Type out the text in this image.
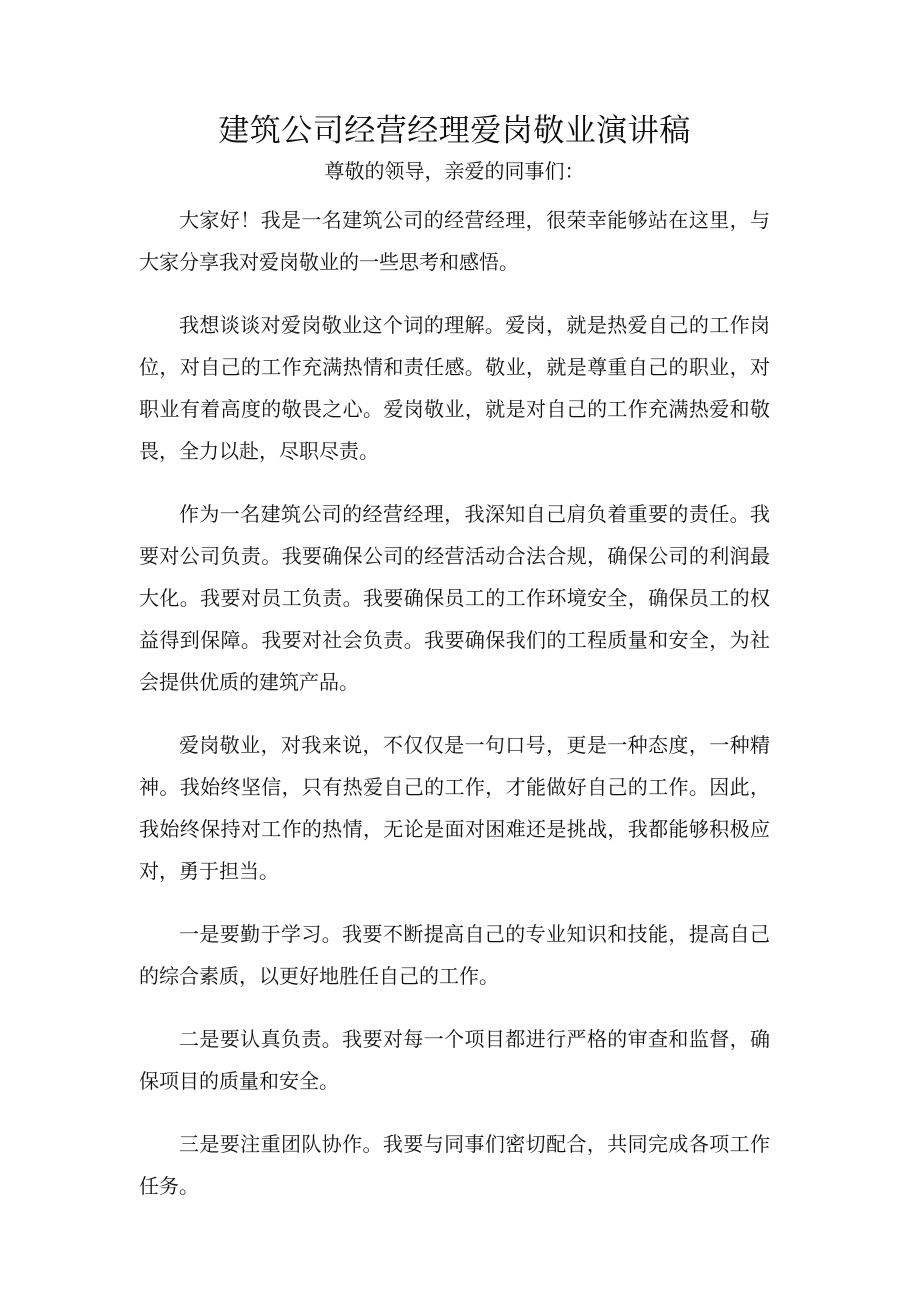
建筑公司经营经理爱岗敬业演讲稿
尊敬的领导，亲爱的同事们：

大家好！我是一名建筑公司的经营经理，很荣幸能够站在这里，与大家分享我对爱岗敬业的一些思考和感悟。

我想谈谈对爱岗敬业这个词的理解。爱岗，就是热爱自己的工作岗位，对自己的工作充满热情和责任感。敬业，就是尊重自己的职业，对职业有着高度的敬畏之心。爱岗敬业，就是对自己的工作充满热爱和敬畏，全力以赴，尽职尽责。

作为一名建筑公司的经营经理，我深知自己肩负着重要的责任。我要对公司负责。我要确保公司的经营活动合法合规，确保公司的利润最大化。我要对员工负责。我要确保员工的工作环境安全，确保员工的权益得到保障。我要对社会负责。我要确保我们的工程质量和安全，为社会提供优质的建筑产品。

爱岗敬业，对我来说，不仅仅是一句口号，更是一种态度，一种精神。我始终坚信，只有热爱自己的工作，才能做好自己的工作。因此，我始终保持对工作的热情，无论是面对困难还是挑战，我都能够积极应对，勇于担当。

一是要勤于学习。我要不断提高自己的专业知识和技能，提高自己的综合素质，以更好地胜任自己的工作。

二是要认真负责。我要对每一个项目都进行严格的审查和监督，确保项目的质量和安全。

三是要注重团队协作。我要与同事们密切配合，共同完成各项工作任务。
